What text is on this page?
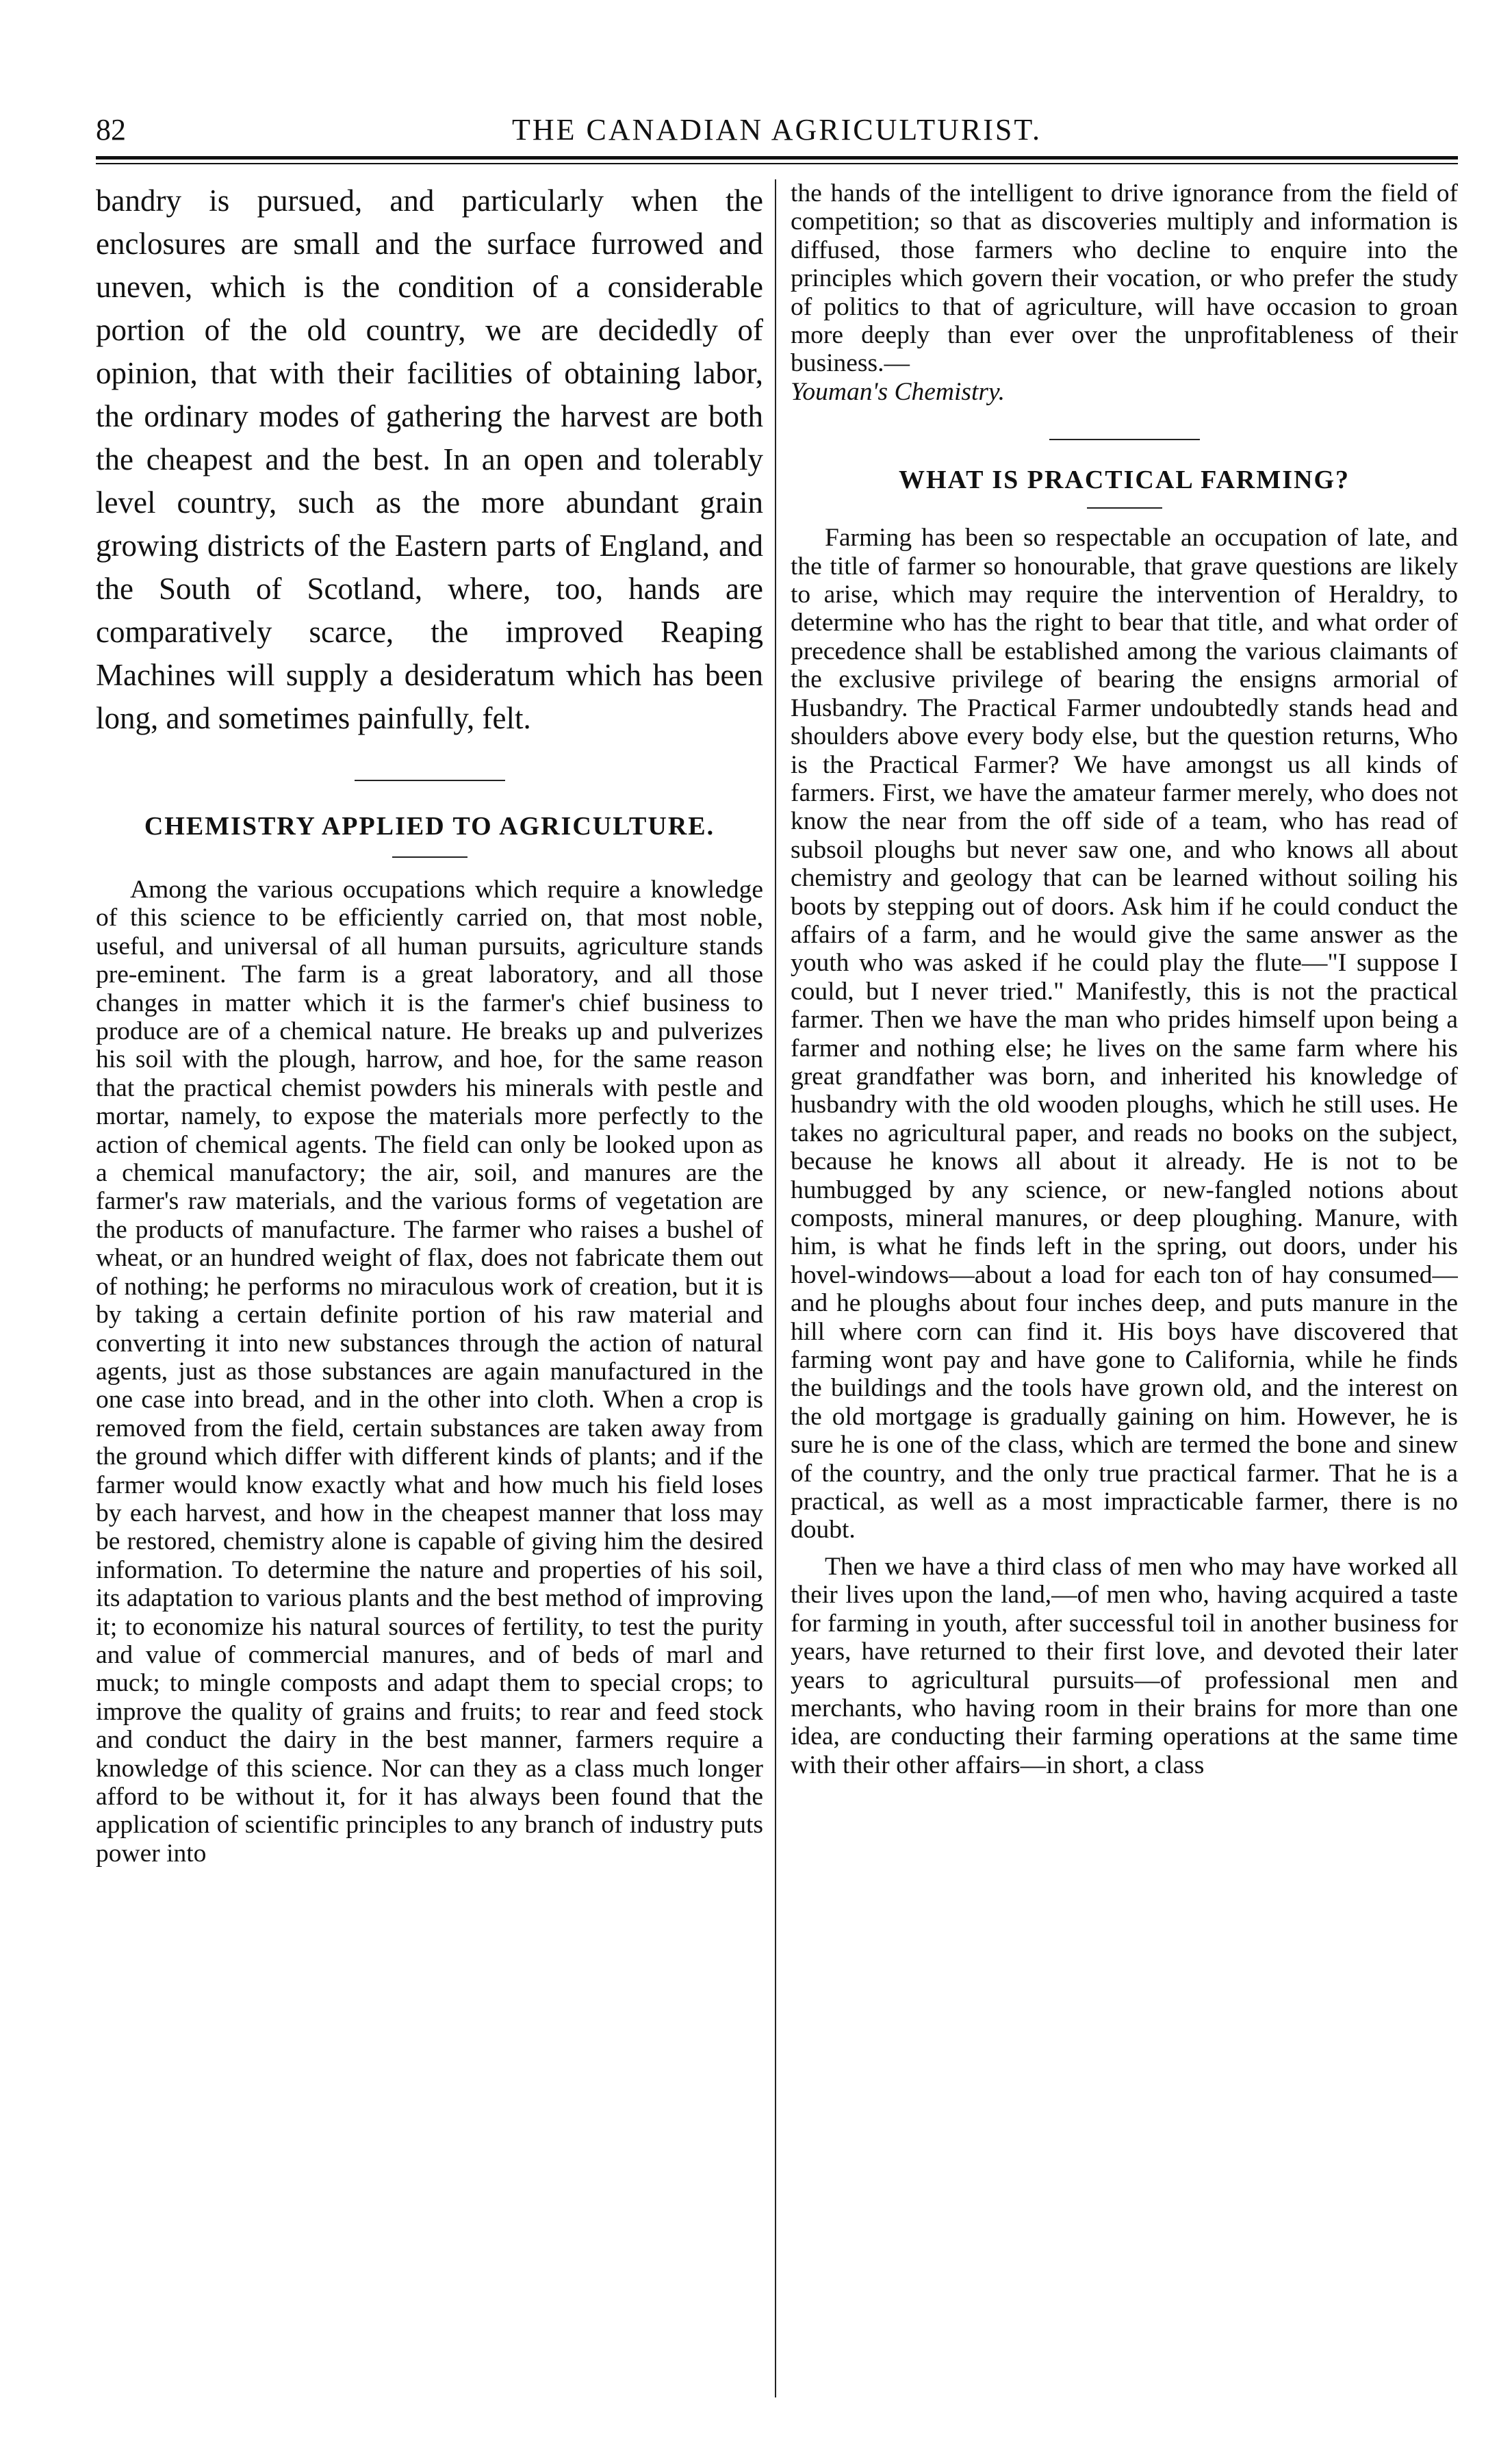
82	THE CANADIAN AGRICULTURIST.

bandry is pursued, and particularly when the enclosures are small and the surface furrowed and uneven, which is the condition of a considerable portion of the old country, we are decidedly of opinion, that with their facilities of obtaining labor, the ordinary modes of gathering the harvest are both the cheapest and the best. In an open and tolerably level country, such as the more abundant grain growing districts of the Eastern parts of England, and the South of Scotland, where, too, hands are comparatively scarce, the improved Reaping Machines will supply a desideratum which has been long, and sometimes painfully, felt.

CHEMISTRY APPLIED TO AGRICULTURE.

Among the various occupations which require a knowledge of this science to be efficiently carried on, that most noble, useful, and universal of all human pursuits, agriculture stands pre-eminent. The farm is a great laboratory, and all those changes in matter which it is the farmer's chief business to produce are of a chemical nature. He breaks up and pulverizes his soil with the plough, harrow, and hoe, for the same reason that the practical chemist powders his minerals with pestle and mortar, namely, to expose the materials more perfectly to the action of chemical agents. The field can only be looked upon as a chemical manufactory; the air, soil, and manures are the farmer's raw materials, and the various forms of vegetation are the products of manufacture. The farmer who raises a bushel of wheat, or an hundred weight of flax, does not fabricate them out of nothing; he performs no miraculous work of creation, but it is by taking a certain definite portion of his raw material and converting it into new substances through the action of natural agents, just as those substances are again manufactured in the one case into bread, and in the other into cloth. When a crop is removed from the field, certain substances are taken away from the ground which differ with different kinds of plants; and if the farmer would know exactly what and how much his field loses by each harvest, and how in the cheapest manner that loss may be restored, chemistry alone is capable of giving him the desired information. To determine the nature and properties of his soil, its adaptation to various plants and the best method of improving it; to economize his natural sources of fertility, to test the purity and value of commercial manures, and of beds of marl and muck; to mingle composts and adapt them to special crops; to improve the quality of grains and fruits; to rear and feed stock and conduct the dairy in the best manner, farmers require a knowledge of this science. Nor can they as a class much longer afford to be without it, for it has always been found that the application of scientific principles to any branch of industry puts power into

the hands of the intelligent to drive ignorance from the field of competition; so that as discoveries multiply and information is diffused, those farmers who decline to enquire into the principles which govern their vocation, or who prefer the study of politics to that of agriculture, will have occasion to groan more deeply than ever over the unprofitableness of their business.—

Youman's Chemistry.

WHAT IS PRACTICAL FARMING?

Farming has been so respectable an occupation of late, and the title of farmer so honourable, that grave questions are likely to arise, which may require the intervention of Heraldry, to determine who has the right to bear that title, and what order of precedence shall be established among the various claimants of the exclusive privilege of bearing the ensigns armorial of Husbandry. The Practical Farmer undoubtedly stands head and shoulders above every body else, but the question returns, Who is the Practical Farmer? We have amongst us all kinds of farmers. First, we have the amateur farmer merely, who does not know the near from the off side of a team, who has read of subsoil ploughs but never saw one, and who knows all about chemistry and geology that can be learned without soiling his boots by stepping out of doors. Ask him if he could conduct the affairs of a farm, and he would give the same answer as the youth who was asked if he could play the flute—"I suppose I could, but I never tried." Manifestly, this is not the practical farmer. Then we have the man who prides himself upon being a farmer and nothing else; he lives on the same farm where his great grandfather was born, and inherited his knowledge of husbandry with the old wooden ploughs, which he still uses. He takes no agricultural paper, and reads no books on the subject, because he knows all about it already. He is not to be humbugged by any science, or new-fangled notions about composts, mineral manures, or deep ploughing. Manure, with him, is what he finds left in the spring, out doors, under his hovel-windows—about a load for each ton of hay consumed—and he ploughs about four inches deep, and puts manure in the hill where corn can find it. His boys have discovered that farming wont pay and have gone to California, while he finds the buildings and the tools have grown old, and the interest on the old mortgage is gradually gaining on him. However, he is sure he is one of the class, which are termed the bone and sinew of the country, and the only true practical farmer. That he is a practical, as well as a most impracticable farmer, there is no doubt.

Then we have a third class of men who may have worked all their lives upon the land,—of men who, having acquired a taste for farming in youth, after successful toil in another business for years, have returned to their first love, and devoted their later years to agricultural pursuits—of professional men and merchants, who having room in their brains for more than one idea, are conducting their farming operations at the same time with their other affairs—in short, a class
